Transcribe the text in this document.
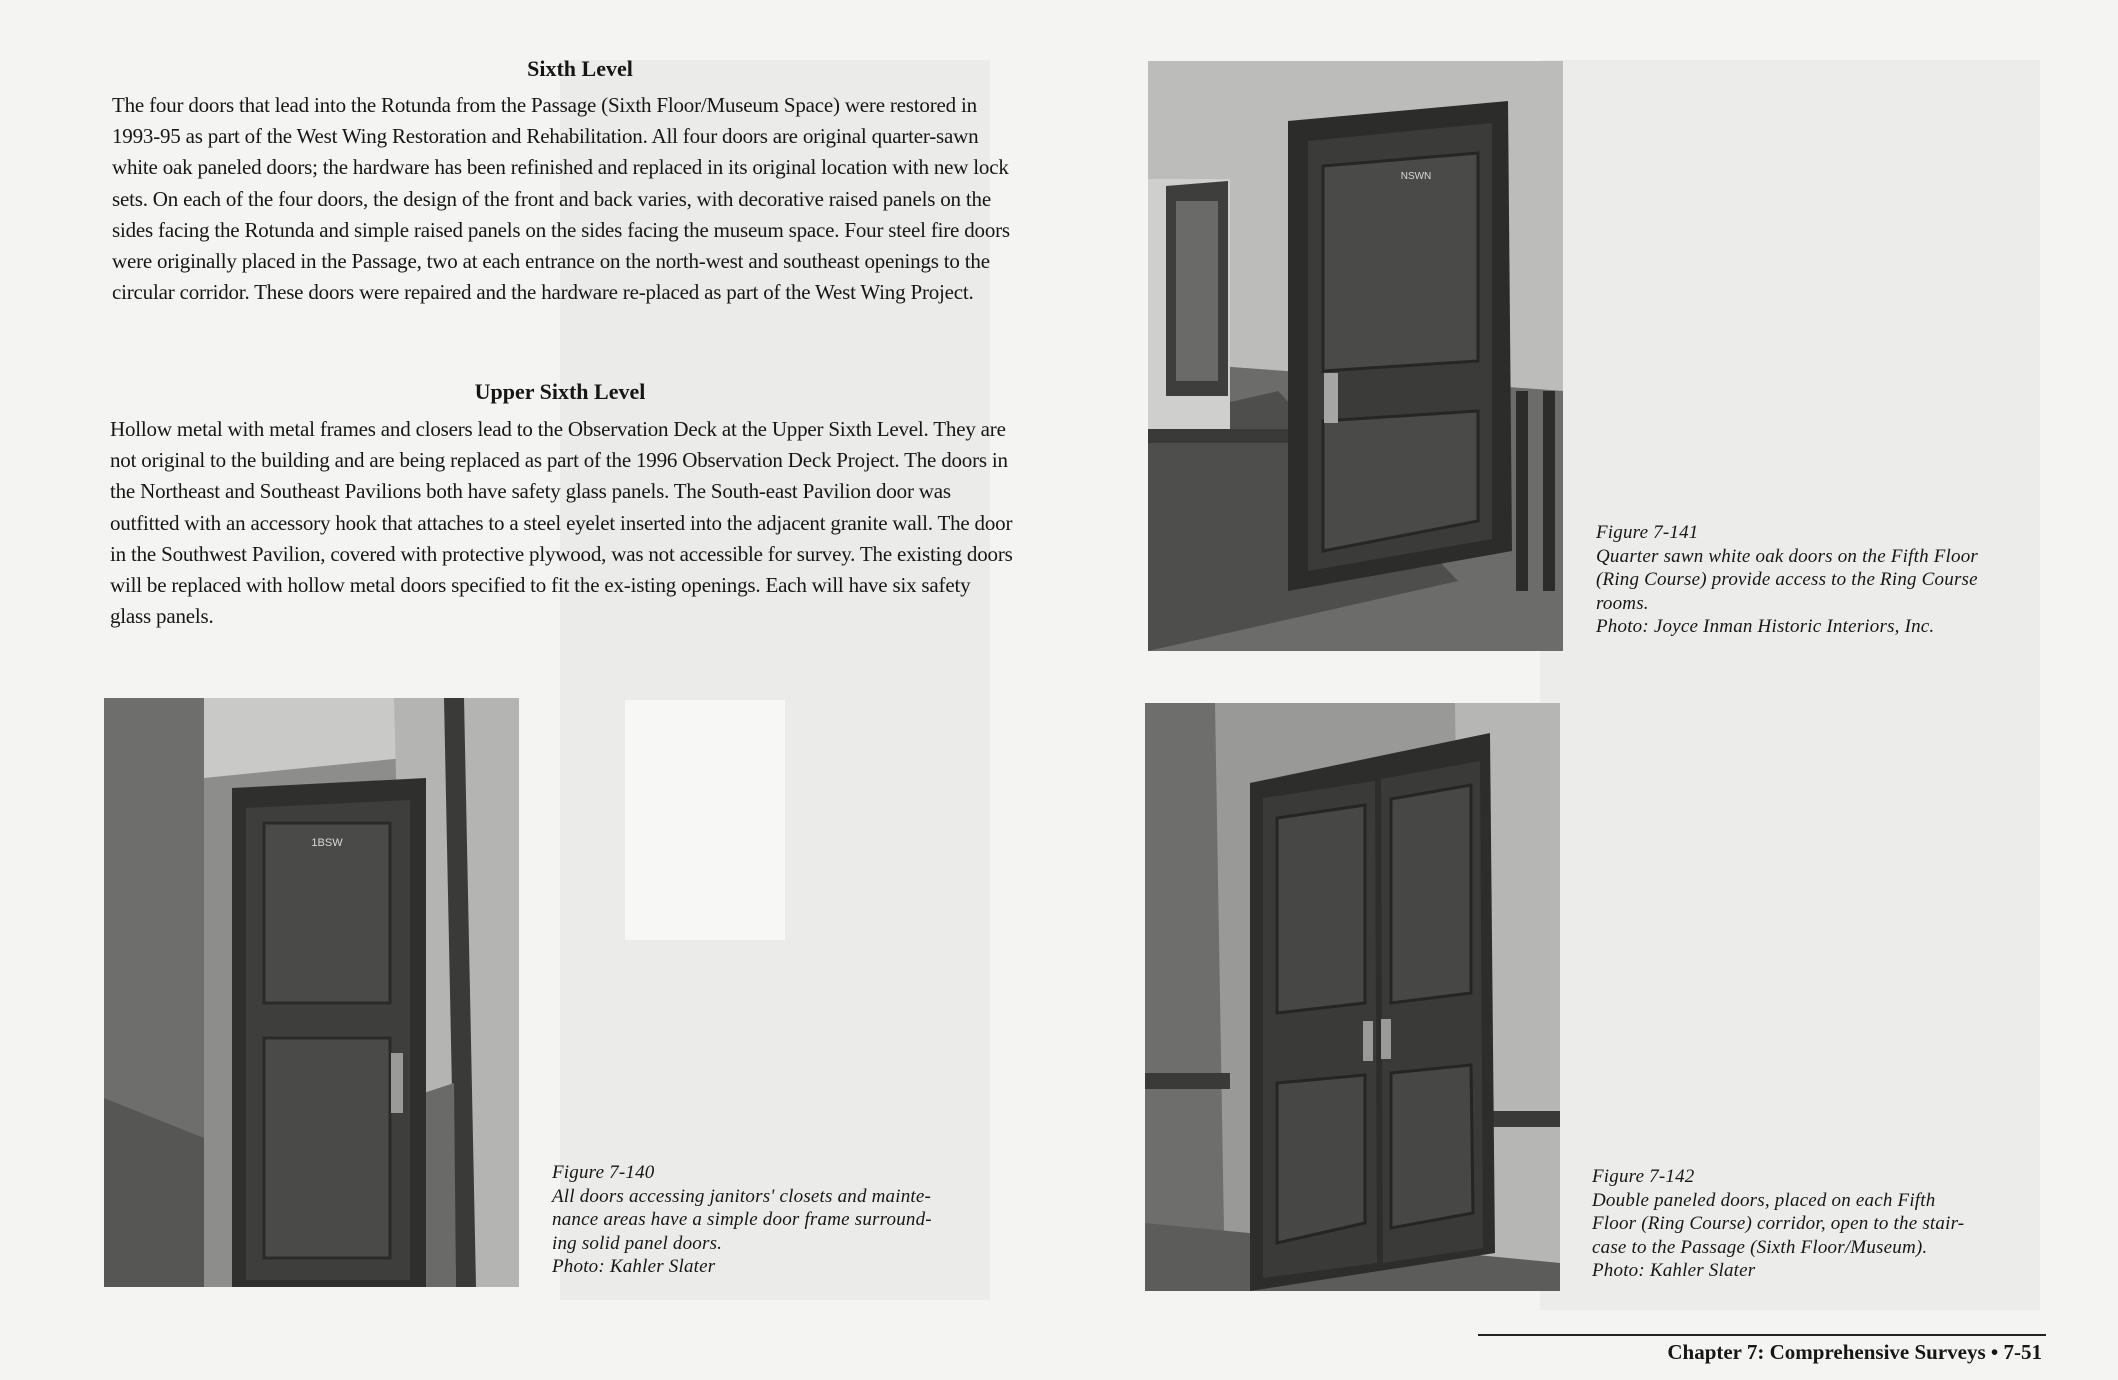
Sixth Level

The four doors that lead into the Rotunda from the Passage (Sixth Floor/Museum Space) were restored in 1993-95 as part of the West Wing Restoration and Rehabilitation. All four doors are original quarter-sawn white oak paneled doors; the hardware has been refinished and replaced in its original location with new lock sets. On each of the four doors, the design of the front and back varies, with decorative raised panels on the sides facing the Rotunda and simple raised panels on the sides facing the museum space. Four steel fire doors were originally placed in the Passage, two at each entrance on the north-west and southeast openings to the circular corridor. These doors were repaired and the hardware re-placed as part of the West Wing Project.

Upper Sixth Level

Hollow metal with metal frames and closers lead to the Observation Deck at the Upper Sixth Level. They are not original to the building and are being replaced as part of the 1996 Observation Deck Project. The doors in the Northeast and Southeast Pavilions both have safety glass panels. The South-east Pavilion door was outfitted with an accessory hook that attaches to a steel eyelet inserted into the adjacent granite wall. The door in the Southwest Pavilion, covered with protective plywood, was not accessible for survey. The existing doors will be replaced with hollow metal doors specified to fit the ex-isting openings. Each will have six safety glass panels.

1BSW
Figure 7-140
All doors accessing janitors' closets and mainte-
nance areas have a simple door frame surround-
ing solid panel doors.
Photo: Kahler Slater
NSWN
Figure 7-141
Quarter sawn white oak doors on the Fifth Floor
(Ring Course) provide access to the Ring Course
rooms.
Photo: Joyce Inman Historic Interiors, Inc.
Figure 7-142
Double paneled doors, placed on each Fifth
Floor (Ring Course) corridor, open to the stair-
case to the Passage (Sixth Floor/Museum).
Photo: Kahler Slater
Chapter 7: Comprehensive Surveys • 7-51
